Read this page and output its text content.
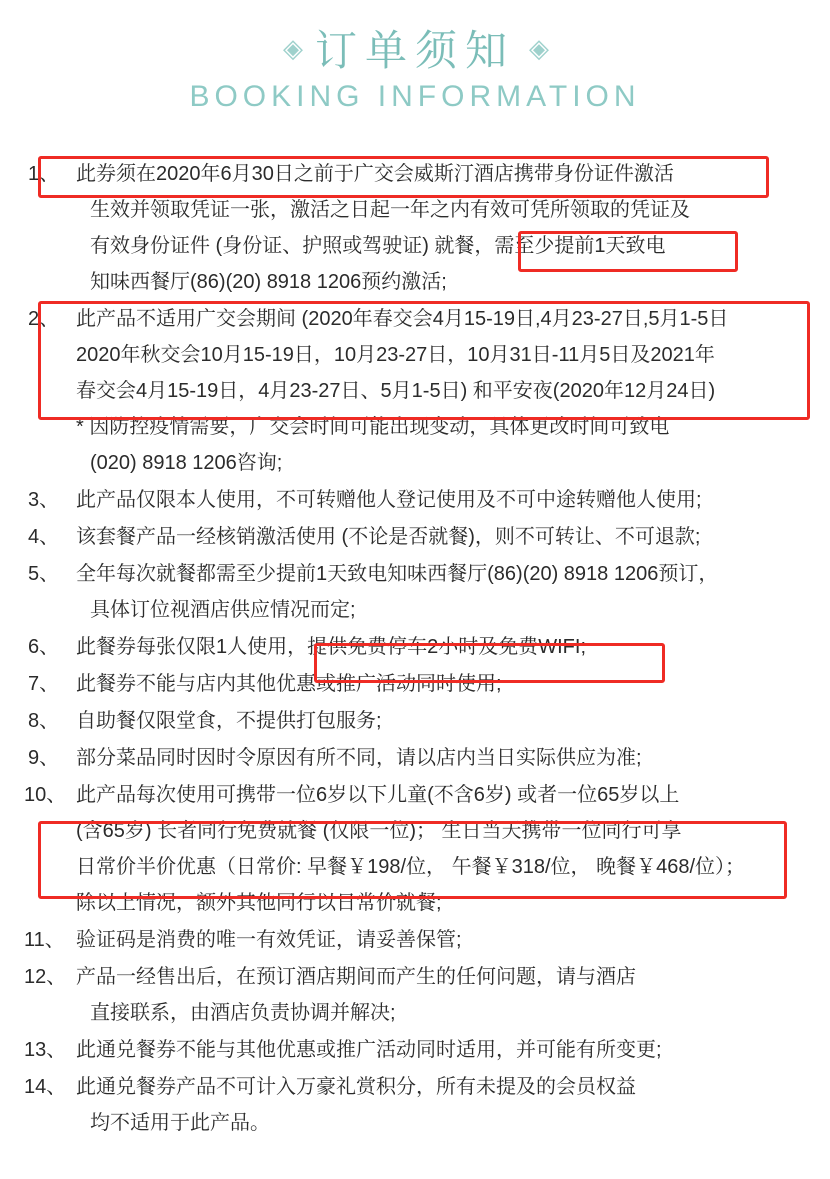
◈ 订单须知 ◈
BOOKING INFORMATION
1、 此券须在2020年6月30日之前于广交会威斯汀酒店携带身份证件激活
生效并领取凭证一张，激活之日起一年之内有效可凭所领取的凭证及
有效身份证件 (身份证、护照或驾驶证) 就餐，需至少提前1天致电
知味西餐厅(86)(20) 8918 1206预约激活;
2、 此产品不适用广交会期间 (2020年春交会4月15-19日,4月23-27日,5月1-5日
2020年秋交会10月15-19日，10月23-27日，10月31日-11月5日及2021年
春交会4月15-19日，4月23-27日、5月1-5日) 和平安夜(2020年12月24日)
* 因防控疫情需要，广交会时间可能出现变动，具体更改时间可致电
(020) 8918 1206咨询;
3、 此产品仅限本人使用，不可转赠他人登记使用及不可中途转赠他人使用;
4、 该套餐产品一经核销激活使用 (不论是否就餐)，则不可转让、不可退款;
5、 全年每次就餐都需至少提前1天致电知味西餐厅(86)(20) 8918 1206预订，
具体订位视酒店供应情况而定;
6、 此餐券每张仅限1人使用，提供免费停车2小时及免费WIFI;
7、 此餐券不能与店内其他优惠或推广活动同时使用;
8、 自助餐仅限堂食，不提供打包服务;
9、 部分菜品同时因时令原因有所不同，请以店内当日实际供应为准;
10、 此产品每次使用可携带一位6岁以下儿童(不含6岁) 或者一位65岁以上
(含65岁) 长者同行免费就餐 (仅限一位)； 生日当天携带一位同行可享
日常价半价优惠（日常价: 早餐￥198/位， 午餐￥318/位， 晚餐￥468/位）；
除以上情况，额外其他同行以日常价就餐;
11、 验证码是消费的唯一有效凭证，请妥善保管;
12、 产品一经售出后，在预订酒店期间而产生的任何问题，请与酒店
直接联系，由酒店负责协调并解决;
13、 此通兑餐券不能与其他优惠或推广活动同时适用，并可能有所变更;
14、 此通兑餐券产品不可计入万豪礼赏积分，所有未提及的会员权益
均不适用于此产品。
